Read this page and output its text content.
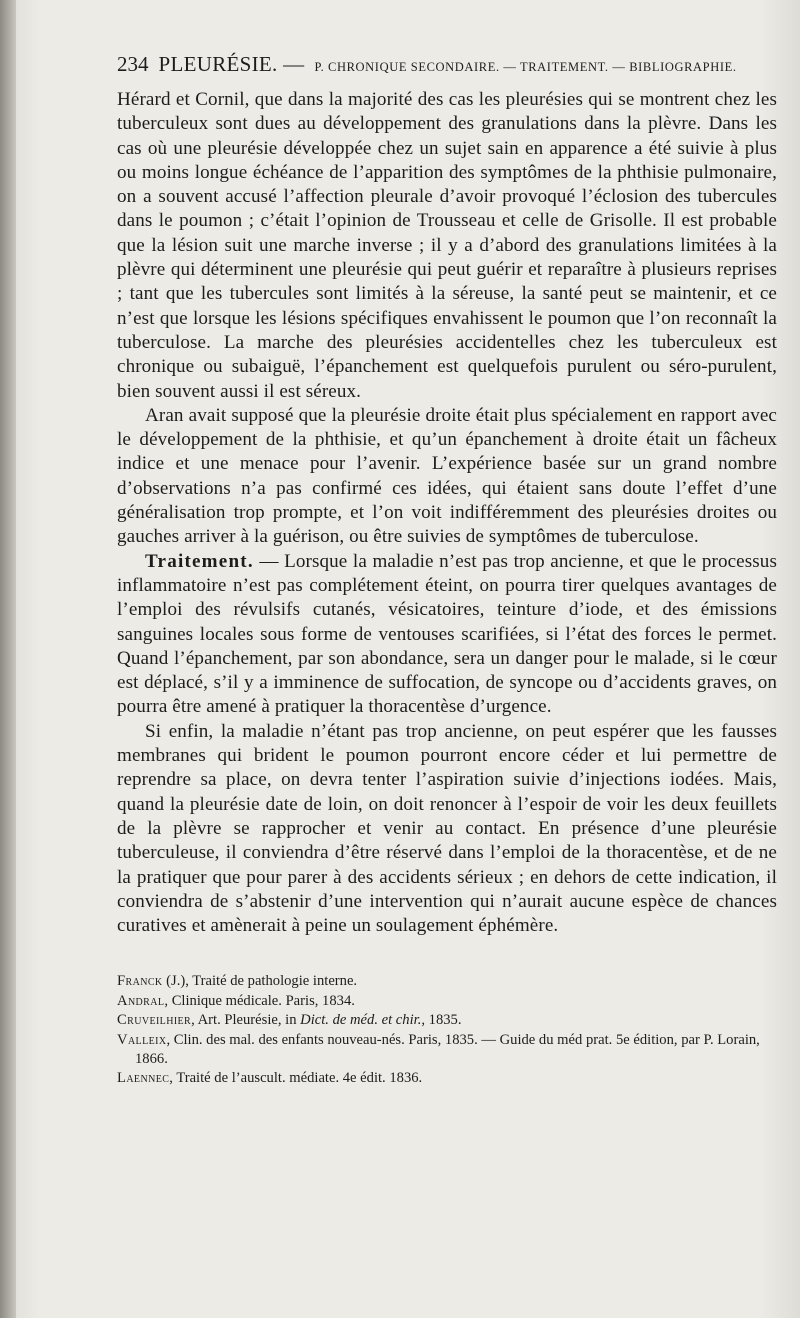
234 PLEURÉSIE. — P. CHRONIQUE SECONDAIRE. — TRAITEMENT. — BIBLIOGRAPHIE.

Hérard et Cornil, que dans la majorité des cas les pleurésies qui se montrent chez les tuberculeux sont dues au développement des granulations dans la plèvre. Dans les cas où une pleurésie développée chez un sujet sain en apparence a été suivie à plus ou moins longue échéance de l’apparition des symptômes de la phthisie pulmonaire, on a souvent accusé l’affection pleurale d’avoir provoqué l’éclosion des tubercules dans le poumon ; c’était l’opinion de Trousseau et celle de Grisolle. Il est probable que la lésion suit une marche inverse ; il y a d’abord des granulations limitées à la plèvre qui déterminent une pleurésie qui peut guérir et reparaître à plusieurs reprises ; tant que les tubercules sont limités à la séreuse, la santé peut se maintenir, et ce n’est que lorsque les lésions spécifiques envahissent le poumon que l’on reconnaît la tuberculose. La marche des pleurésies accidentelles chez les tuberculeux est chronique ou subaiguë, l’épanchement est quelquefois purulent ou séro-purulent, bien souvent aussi il est séreux.

Aran avait supposé que la pleurésie droite était plus spécialement en rapport avec le développement de la phthisie, et qu’un épanchement à droite était un fâcheux indice et une menace pour l’avenir. L’expérience basée sur un grand nombre d’observations n’a pas confirmé ces idées, qui étaient sans doute l’effet d’une généralisation trop prompte, et l’on voit indifféremment des pleurésies droites ou gauches arriver à la guérison, ou être suivies de symptômes de tuberculose.

Traitement. — Lorsque la maladie n’est pas trop ancienne, et que le processus inflammatoire n’est pas complétement éteint, on pourra tirer quelques avantages de l’emploi des révulsifs cutanés, vésicatoires, teinture d’iode, et des émissions sanguines locales sous forme de ventouses scarifiées, si l’état des forces le permet. Quand l’épanchement, par son abondance, sera un danger pour le malade, si le cœur est déplacé, s’il y a imminence de suffocation, de syncope ou d’accidents graves, on pourra être amené à pratiquer la thoracentèse d’urgence.

Si enfin, la maladie n’étant pas trop ancienne, on peut espérer que les fausses membranes qui brident le poumon pourront encore céder et lui permettre de reprendre sa place, on devra tenter l’aspiration suivie d’injections iodées. Mais, quand la pleurésie date de loin, on doit renoncer à l’espoir de voir les deux feuillets de la plèvre se rapprocher et venir au contact. En présence d’une pleurésie tuberculeuse, il conviendra d’être réservé dans l’emploi de la thoracentèse, et de ne la pratiquer que pour parer à des accidents sérieux ; en dehors de cette indication, il conviendra de s’abstenir d’une intervention qui n’aurait aucune espèce de chances curatives et amènerait à peine un soulagement éphémère.

Franck (J.), Traité de pathologie interne.

Andral, Clinique médicale. Paris, 1834.

Cruveilhier, Art. Pleurésie, in Dict. de méd. et chir., 1835.

Valleix, Clin. des mal. des enfants nouveau-nés. Paris, 1835. — Guide du méd prat. 5e édition, par P. Lorain, 1866.

Laennec, Traité de l’auscult. médiate. 4e édit. 1836.
